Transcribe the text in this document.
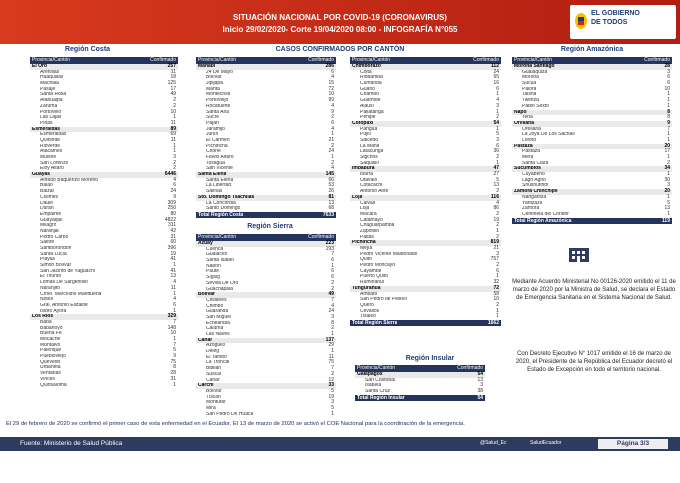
SITUACIÓN NACIONAL POR COVID-19 (CORONAVIRUS)
Inicio 29/02/2020- Corte 19/04/2020 08:00 - INFOGRAFÍA N°055
EL GOBIERNO
DE TODOS
Región Costa	CASOS CONFIRMADOS POR CANTÓN	Región Amazónica
Región Sierra
Región Insular
Provincia/Cantón	Confirmado
El Oro	257
Arenillas	11
Huaquillas	18
Machala	125
Pasaje	17
Santa Rosa	49
Atahualpa	2
Zaruma	2
Portovelo	10
Las Lajas	1
Piñas	11
Esmeraldas	89
Esmeraldas	69
Quinindé	11
Rioverde	1
Atacames	1
Muisne	3
San Lorenzo	2
Eloy Alfaro	2
Guayas	6446
Alfredo Baquerizo Moreno	4
Balao	6
Balzar	24
Colimes	9
Daule	309
Durán	250
Empalme	80
Guayaquil	4822
Milagro	311
Naranjal	42
Pedro Carbo	31
Salitre	60
Samborondón	396
Santa Lucía	19
Playas	41
Simón Bolívar	1
San Jacinto de Yaguachi	41
El Triunfo	13
Lomas De Sargentillo	4
Naranjito	11
Crnel. Marcelino Maridueña	1
Nobol	4
Gral. Antonio Elizalde	6
Isidro Ayora	1
Los Ríos	329
Baba	7
Babahoyo	148
Buena Fe	10
Mocache	1
Montalvo	7
Palenque	5
Puebloviejo	9
Quevedo	75
Urdaneta	8
Ventanas	28
Vinces	31
Quinsaloma	1
Provincia/Cantón	Confirmado
Manabí	286
24 De Mayo	6
Bolívar	4
Jipijapa	15
Manta	72
Montecristi	10
Portoviejo	99
Rocafuerte	4
Santa Ana	9
Sucre	2
Paján	6
Jaramijó	4
Junín	1
El Carmen	21
Pichincha	2
Chone	24
Flavio Alfaro	1
Tosagua	2
San Vicente	4
Santa Elena	145
Santa Elena	66
La Libertad	53
Salinas	26
Sto. Domingo Tsáchilas	81
La Concordia	13
Santo Domingo	68
Total Región Costa	7633
Provincia/Cantón	Confirmado
Azuay	223
Cuenca	193
Gualaceo	7
Santa Isabel	6
Nabón	1
Paute	6
Sígsig	6
Sevilla De Oro	2
Guachapala	2
Bolívar	49
Chillanes	7
Chimbo	4
Guaranda	24
San Miguel	3
Echeandía	8
Caluma	2
Las Naves	1
Cañar	137
Azogues	29
Déleg	1
El Tambo	11
La Troncal	75
Biblián	7
Suscal	2
Cañar	12
Carchi	33
Bolívar	5
Tulcán	19
Montúfar	3
Mira	5
San Pedro De Huaca	1
Provincia/Cantón	Confirmado
Chimborazo	112
Colta	24
Riobamba	65
Cumandá	16
Guano	6
Chambo	1
Guamote	4
Alausí	3
Pallatanga	1
Penipe	2
Cotopaxi	54
Pangua	1
Pujilí	5
Salcedo	3
La Maná	6
Latacunga	36
Sigchos	2
Saquisilí	1
Imbabura	47
Ibarra	27
Otavalo	5
Cotacachi	13
Antonio Ante	2
Loja	116
Calvas	4
Loja	86
Macará	2
Catamayo	19
Chaguarpamba	2
Zapotillo	1
Paltas	2
Pichincha	819
Mejía	21
Pedro Vicente Maldonado	3
Quito	757
Pedro Moncayo	2
Cayambe	6
Puerto Quito	1
Rumiñahui	32
Tungurahua	72
Ambato	58
San Pedro de Pelileo	10
Quero	2
Cevallos	1
Tisaleo	1
Total Región Sierra	1662
Provincia/Cantón	Confirmado
Morona Santiago	28
Gualaquiza	3
Morona	6
Sucúa	6
Palora	10
Taisha	1
Twintza	1
Pablo Sexto	1
Napo	8
Tena	8
Orellana	9
Orellana	7
La Joya De Los Sachas	1
Loreto	1
Pastaza	20
Pastaza	17
Mera	1
Santa Clara	2
Sucumbíos	34
Cuyabeno	1
Lago Agrio	30
Shushufindi	3
Zamora Chinchipe	20
Nangaritza	1
Yantzaza	5
Zamora	13
Centinela del Cóndor	1
Total Región Amazónica	119
Provincia/Cantón	Confirmado
Galápagos	54
San Cristóbal	13
Isabela	3
Santa Cruz	38
Total Región Insular	54
Mediante Acuerdo Ministerial No 00126-2020 emitido el 11 de marzo de 2020 por la Ministra de Salud, se declara el Estado de Emergencia Sanitaria en el Sistema Nacional de Salud.
Con Decreto Ejecutivo N° 1017 emitido el 16 de marzo de 2020, el Presidente de la República del Ecuador decretó el Estado de Excepción en todo el territorio nacional.
El 29 de febrero de 2020 se confirmó el primer caso de esta enfermedad en el Ecuador. El 13 de marzo de 2020 se activó el COE Nacional para la coordinación de la emergencia.
Fuente: Ministerio de Salud Pública	@Salud_Ec	SaludEcuador	Página 3/3
